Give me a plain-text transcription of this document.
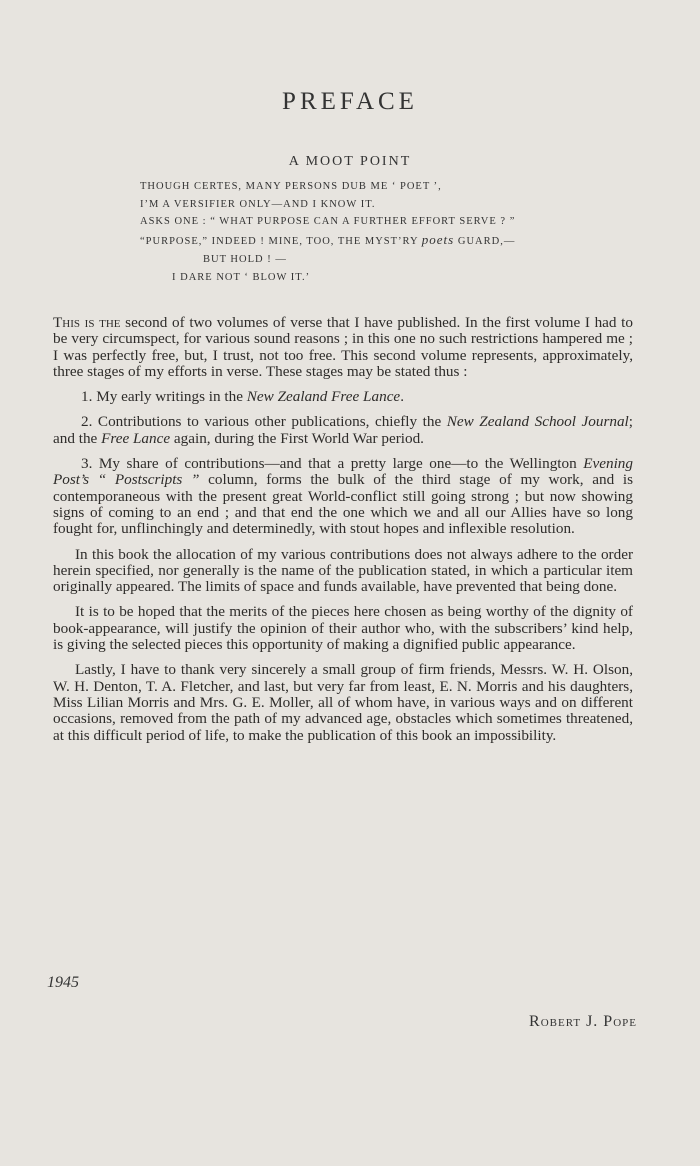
PREFACE
A MOOT POINT
THOUGH CERTES, MANY PERSONS DUB ME ‘ POET ’,
I’M A VERSIFIER ONLY—AND I KNOW IT.
ASKS ONE : “ WHAT PURPOSE CAN A FURTHER EFFORT SERVE ? ”
“PURPOSE,” INDEED ! MINE, TOO, THE MYST’RY poets GUARD,—
BUT HOLD ! —
I DARE NOT ‘ BLOW IT.’

This is the second of two volumes of verse that I have published. In the first volume I had to be very circumspect, for various sound reasons ; in this one no such restrictions hampered me ; I was perfectly free, but, I trust, not too free. This second volume represents, approximately, three stages of my efforts in verse. These stages may be stated thus :

1. My early writings in the New Zealand Free Lance.

2. Contributions to various other publications, chiefly the New Zealand School Journal; and the Free Lance again, during the First World War period.

3. My share of contributions—and that a pretty large one—to the Wellington Evening Post’s “ Postscripts ” column, forms the bulk of the third stage of my work, and is contemporaneous with the present great World-conflict still going strong ; but now showing signs of coming to an end ; and that end the one which we and all our Allies have so long fought for, unflinchingly and determinedly, with stout hopes and inflexible resolution.

In this book the allocation of my various contributions does not always adhere to the order herein specified, nor generally is the name of the publication stated, in which a particular item originally appeared. The limits of space and funds available, have prevented that being done.

It is to be hoped that the merits of the pieces here chosen as being worthy of the dignity of book-appearance, will justify the opinion of their author who, with the subscribers’ kind help, is giving the selected pieces this opportunity of making a dignified public appearance.

Lastly, I have to thank very sincerely a small group of firm friends, Messrs. W. H. Olson, W. H. Denton, T. A. Fletcher, and last, but very far from least, E. N. Morris and his daughters, Miss Lilian Morris and Mrs. G. E. Moller, all of whom have, in various ways and on different occasions, removed from the path of my advanced age, obstacles which sometimes threatened, at this difficult period of life, to make the publication of this book an impossibility.

1945
Robert J. Pope
